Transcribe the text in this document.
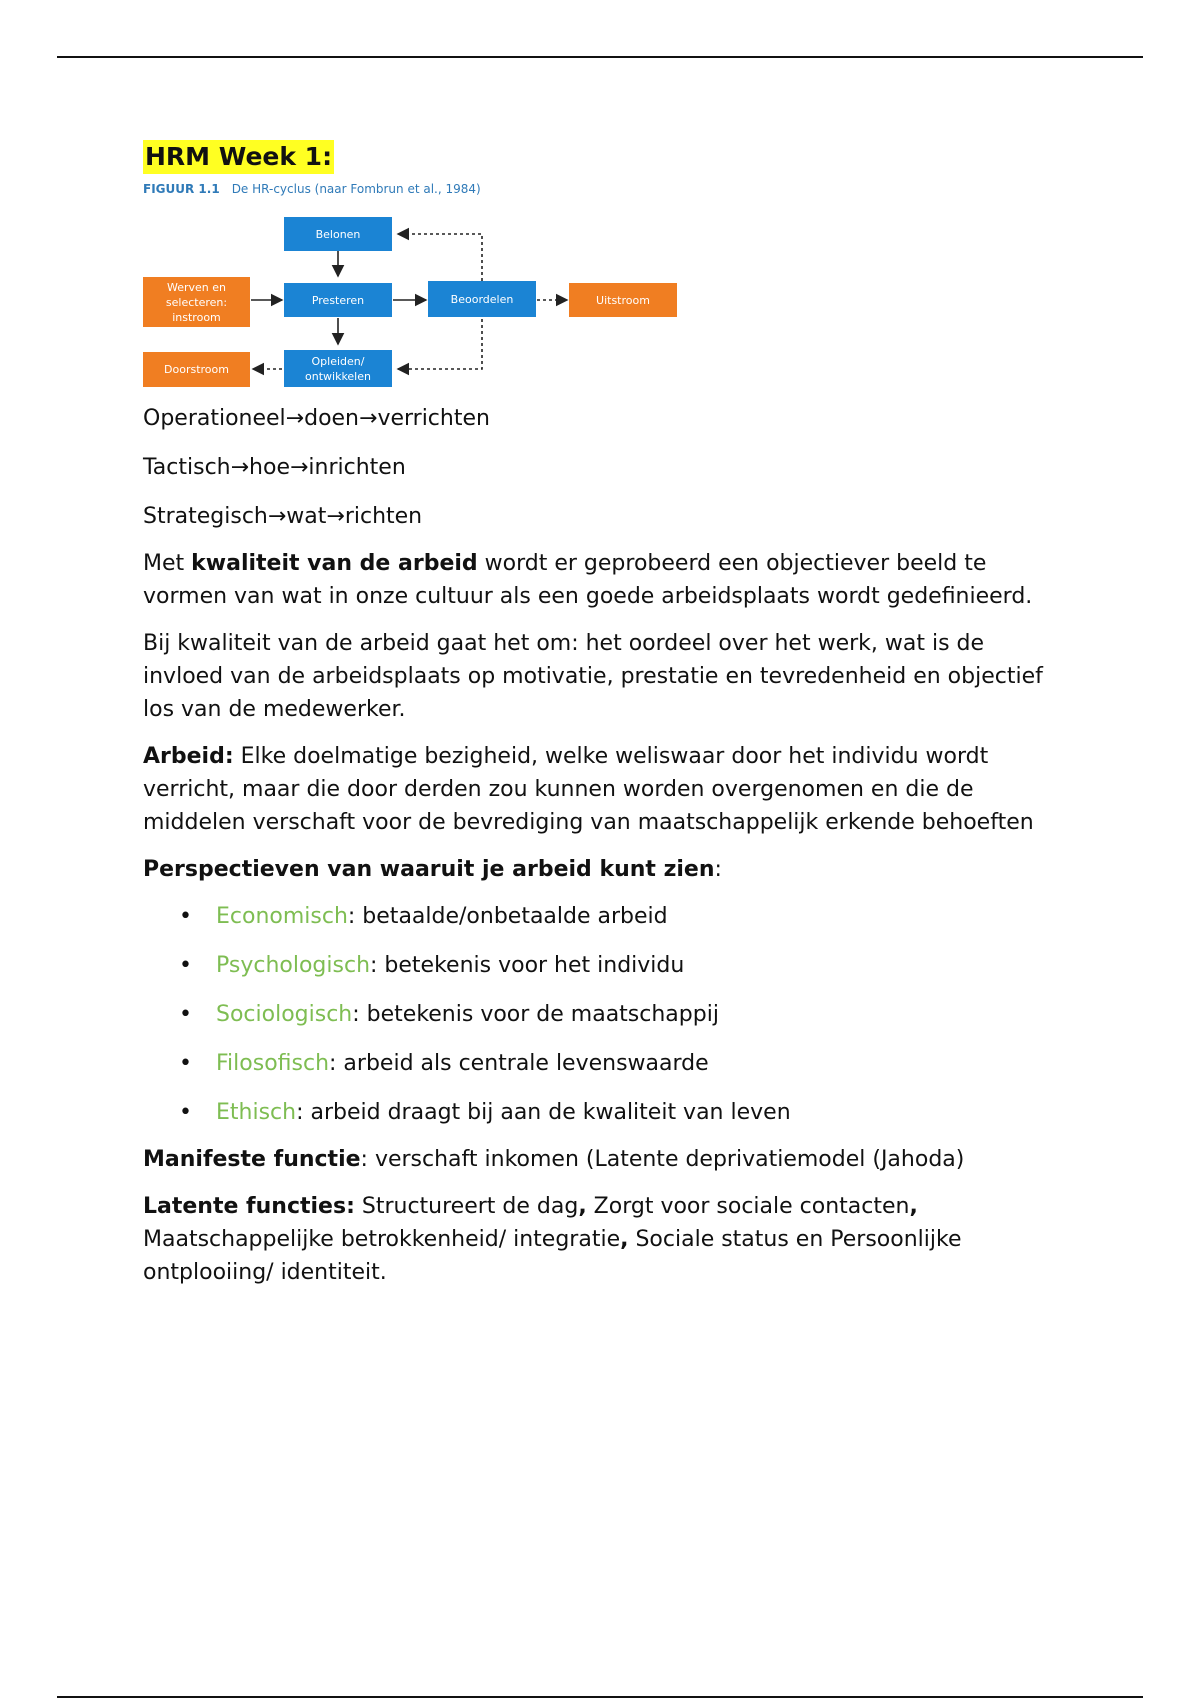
HRM Week 1:
FIGUUR 1.1 De HR-cyclus (naar Fombrun et al., 1984)
Belonen
Werven en selecteren: instroom
Presteren	Beoordelen	Uitstroom
Doorstroom
Opleiden/ ontwikkelen

Operationeel→doen→verrichten

Tactisch→hoe→inrichten

Strategisch→wat→richten

Met kwaliteit van de arbeid wordt er geprobeerd een objectiever beeld te vormen van wat in onze cultuur als een goede arbeidsplaats wordt gedefinieerd.

Bij kwaliteit van de arbeid gaat het om: het oordeel over het werk, wat is de invloed van de arbeidsplaats op motivatie, prestatie en tevredenheid en objectief los van de medewerker.

Arbeid: Elke doelmatige bezigheid, welke weliswaar door het individu wordt verricht, maar die door derden zou kunnen worden overgenomen en die de middelen verschaft voor de bevrediging van maatschappelijk erkende behoeften

Perspectieven van waaruit je arbeid kunt zien:

• Economisch: betaalde/onbetaalde arbeid
• Psychologisch: betekenis voor het individu
• Sociologisch: betekenis voor de maatschappij
• Filosofisch: arbeid als centrale levenswaarde
• Ethisch: arbeid draagt bij aan de kwaliteit van leven

Manifeste functie: verschaft inkomen (Latente deprivatiemodel (Jahoda)

Latente functies: Structureert de dag, Zorgt voor sociale contacten, Maatschappelijke betrokkenheid/ integratie, Sociale status en Persoonlijke ontplooiing/ identiteit.
